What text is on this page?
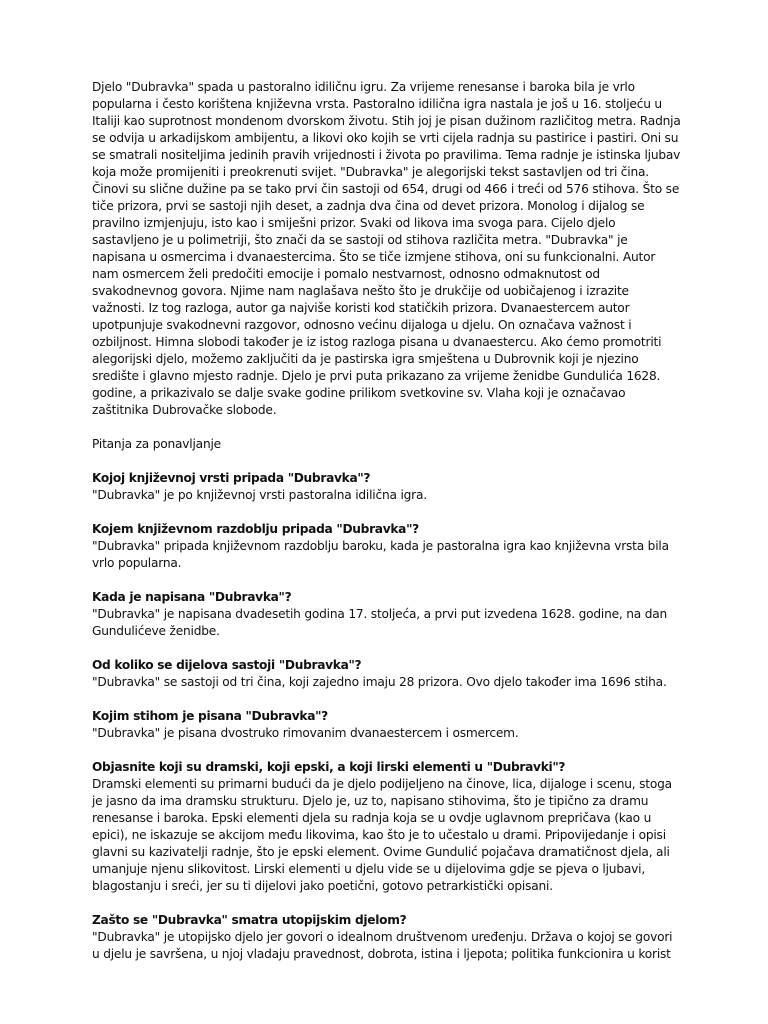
Djelo "Dubravka" spada u pastoralno idiličnu igru. Za vrijeme renesanse i baroka bila je vrlo popularna i često korištena književna vrsta. Pastoralno idilična igra nastala je još u 16. stoljeću u Italiji kao suprotnost mondenom dvorskom životu. Stih joj je pisan dužinom različitog metra. Radnja se odvija u arkadijskom ambijentu, a likovi oko kojih se vrti cijela radnja su pastirice i pastiri. Oni su se smatrali nositeljima jedinih pravih vrijednosti i života po pravilima. Tema radnje je istinska ljubav koja može promijeniti i preokrenuti svijet. "Dubravka" je alegorijski tekst sastavljen od tri čina. Činovi su slične dužine pa se tako prvi čin sastoji od 654, drugi od 466 i treći od 576 stihova. Što se tiče prizora, prvi se sastoji njih deset, a zadnja dva čina od devet prizora. Monolog i dijalog se pravilno izmjenjuju, isto kao i smiješni prizor. Svaki od likova ima svoga para. Cijelo djelo sastavljeno je u polimetriji, što znači da se sastoji od stihova različita metra. "Dubravka" je napisana u osmercima i dvanaestercima. Što se tiče izmjene stihova, oni su funkcionalni. Autor nam osmercem želi predočiti emocije i pomalo nestvarnost, odnosno odmaknutost od svakodnevnog govora. Njime nam naglašava nešto što je drukčije od uobičajenog i izrazite važnosti. Iz tog razloga, autor ga najviše koristi kod statičkih prizora. Dvanaestercem autor upotpunjuje svakodnevni razgovor, odnosno većinu dijaloga u djelu. On označava važnost i ozbiljnost. Himna slobodi također je iz istog razloga pisana u dvanaestercu. Ako ćemo promotriti alegorijski djelo, možemo zaključiti da je pastirska igra smještena u Dubrovnik koji je njezino središte i glavno mjesto radnje. Djelo je prvi puta prikazano za vrijeme ženidbe Gundulića 1628. godine, a prikazivalo se dalje svake godine prilikom svetkovine sv. Vlaha koji je označavao zaštitnika Dubrovačke slobode.

Pitanja za ponavljanje

Kojoj književnoj vrsti pripada "Dubravka"?

"Dubravka" je po književnoj vrsti pastoralna idilična igra.

Kojem književnom razdoblju pripada "Dubravka"?

"Dubravka" pripada književnom razdoblju baroku, kada je pastoralna igra kao književna vrsta bila vrlo popularna.

Kada je napisana "Dubravka"?

"Dubravka" je napisana dvadesetih godina 17. stoljeća, a prvi put izvedena 1628. godine, na dan Gundulićeve ženidbe.

Od koliko se dijelova sastoji "Dubravka"?

"Dubravka" se sastoji od tri čina, koji zajedno imaju 28 prizora. Ovo djelo također ima 1696 stiha.

Kojim stihom je pisana "Dubravka"?

"Dubravka" je pisana dvostruko rimovanim dvanaestercem i osmercem.

Objasnite koji su dramski, koji epski, a koji lirski elementi u "Dubravki"?

Dramski elementi su primarni budući da je djelo podijeljeno na činove, lica, dijaloge i scenu, stoga je jasno da ima dramsku strukturu. Djelo je, uz to, napisano stihovima, što je tipično za dramu renesanse i baroka. Epski elementi djela su radnja koja se u ovdje uglavnom prepričava (kao u epici), ne iskazuje se akcijom među likovima, kao što je to učestalo u drami. Pripovijedanje i opisi glavni su kazivatelji radnje, što je epski element. Ovime Gundulić pojačava dramatičnost djela, ali umanjuje njenu slikovitost. Lirski elementi u djelu vide se u dijelovima gdje se pjeva o ljubavi, blagostanju i sreći, jer su ti dijelovi jako poetični, gotovo petrarkistički opisani.

Zašto se "Dubravka" smatra utopijskim djelom?

"Dubravka" je utopijsko djelo jer govori o idealnom društvenom uređenju. Država o kojoj se govori u djelu je savršena, u njoj vladaju pravednost, dobrota, istina i ljepota; politika funkcionira u korist
